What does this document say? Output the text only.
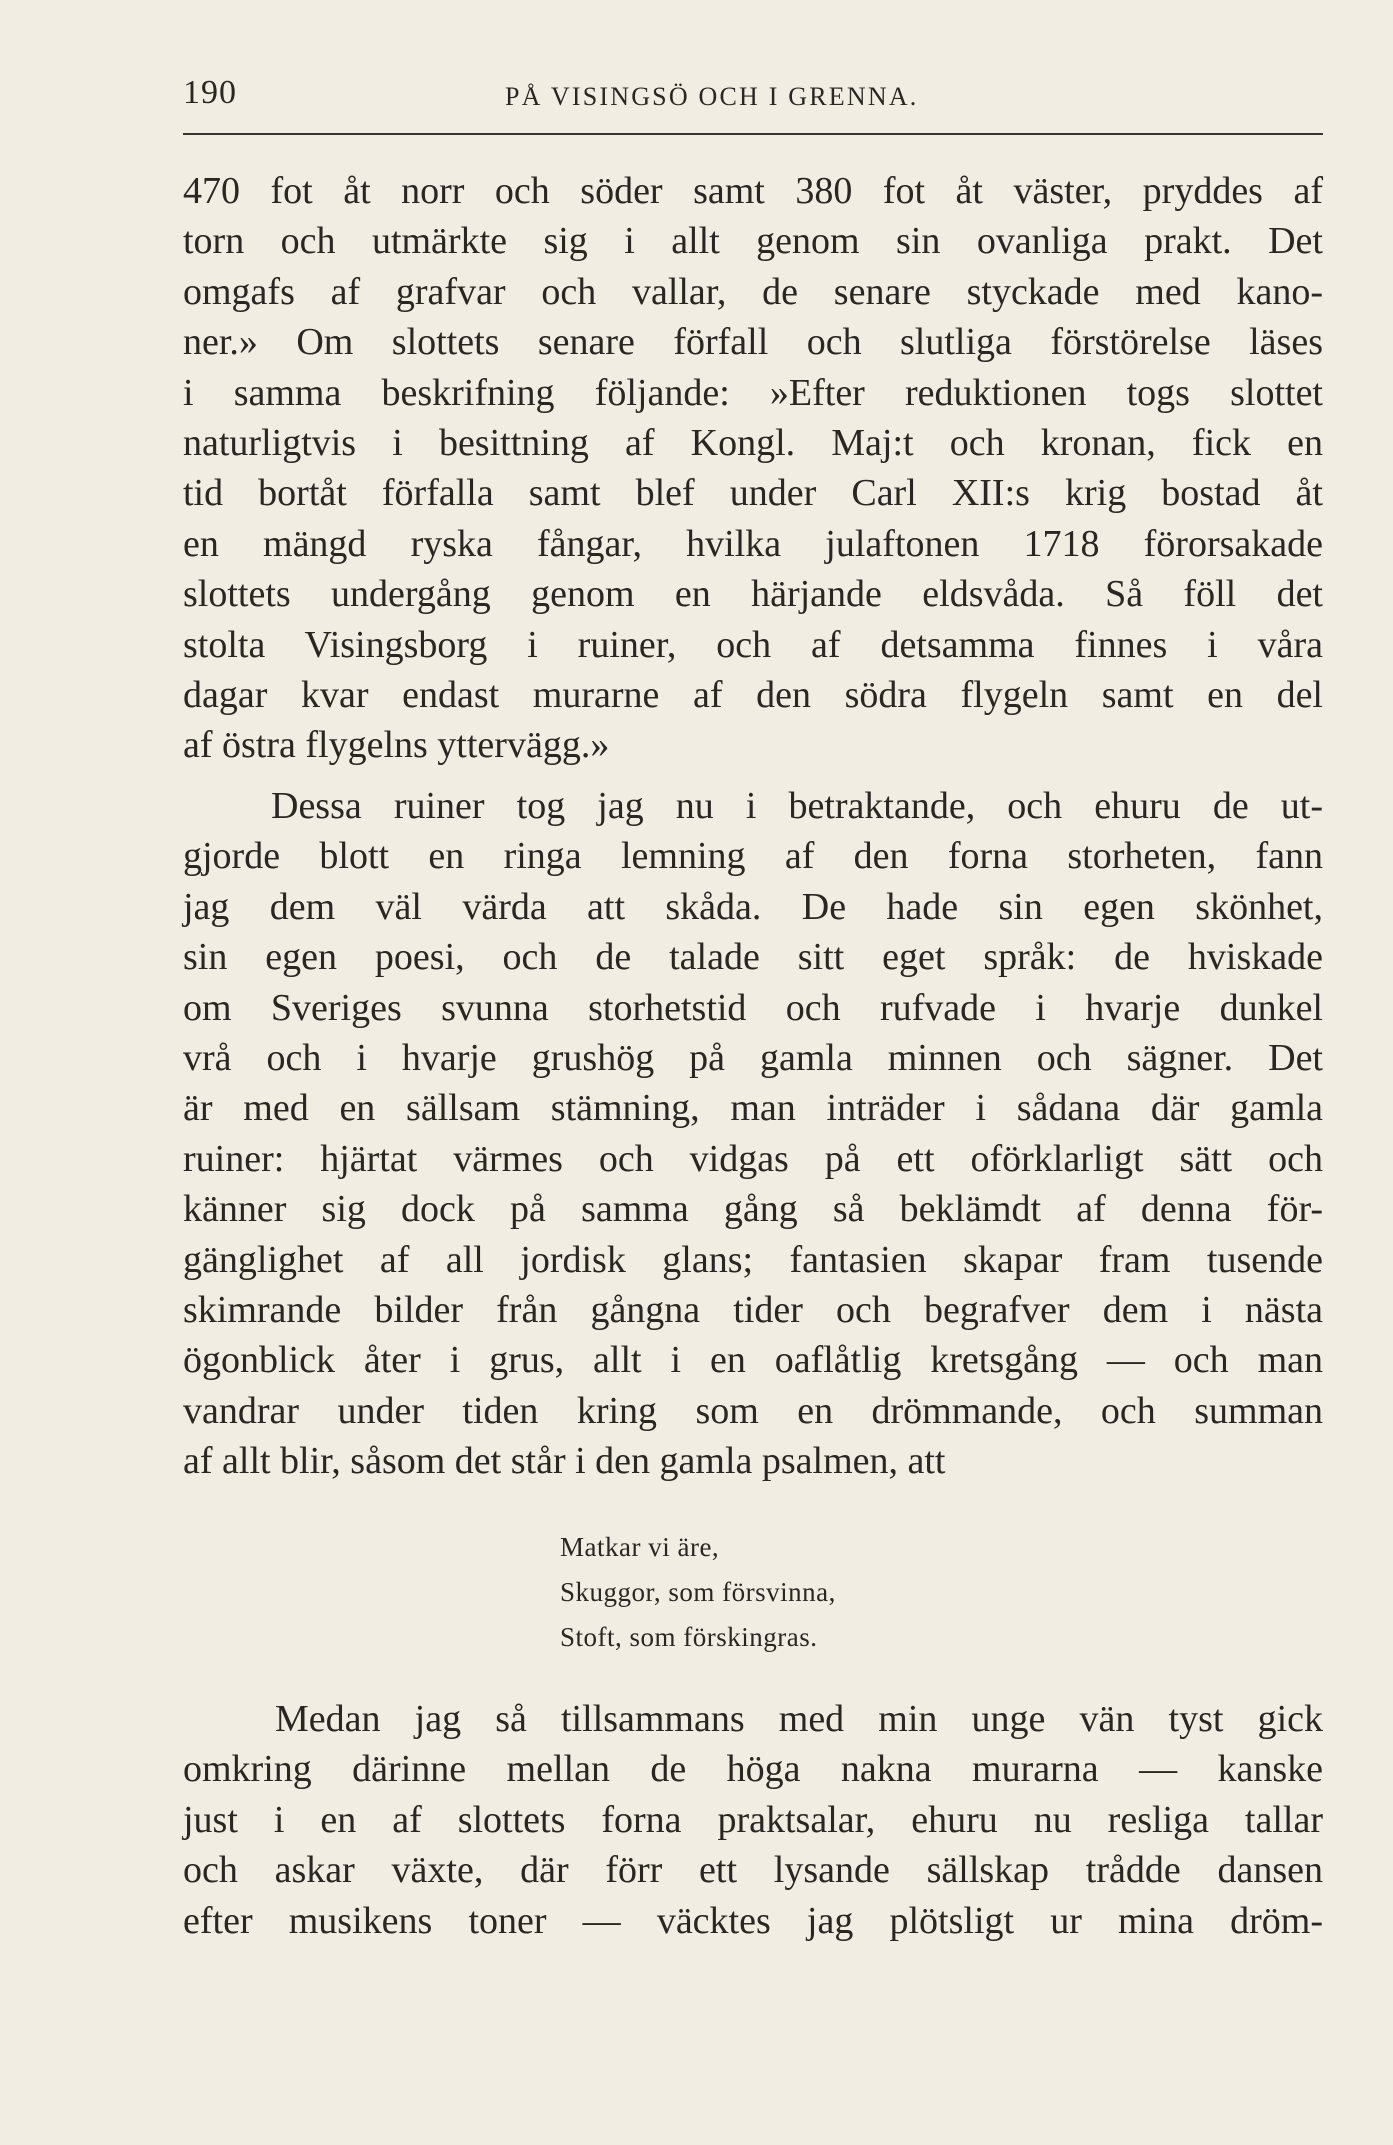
190	PÅ VISINGSÖ OCH I GRENNA.
470 fot åt norr och söder samt 380 fot åt väster, pryddes af
torn och utmärkte sig i allt genom sin ovanliga prakt. Det
omgafs af grafvar och vallar, de senare styckade med kano-
ner.» Om slottets senare förfall och slutliga förstörelse läses
i samma beskrifning följande: »Efter reduktionen togs slottet
naturligtvis i besittning af Kongl. Maj:t och kronan, fick en
tid bortåt förfalla samt blef under Carl XII:s krig bostad åt
en mängd ryska fångar, hvilka julaftonen 1718 förorsakade
slottets undergång genom en härjande eldsvåda. Så föll det
stolta Visingsborg i ruiner, och af detsamma finnes i våra
dagar kvar endast murarne af den södra flygeln samt en del
af östra flygelns yttervägg.»
Dessa ruiner tog jag nu i betraktande, och ehuru de ut-
gjorde blott en ringa lemning af den forna storheten, fann
jag dem väl värda att skåda. De hade sin egen skönhet,
sin egen poesi, och de talade sitt eget språk: de hviskade
om Sveriges svunna storhetstid och rufvade i hvarje dunkel
vrå och i hvarje grushög på gamla minnen och sägner. Det
är med en sällsam stämning, man inträder i sådana där gamla
ruiner: hjärtat värmes och vidgas på ett oförklarligt sätt och
känner sig dock på samma gång så beklämdt af denna för-
gänglighet af all jordisk glans; fantasien skapar fram tusende
skimrande bilder från gångna tider och begrafver dem i nästa
ögonblick åter i grus, allt i en oaflåtlig kretsgång — och man
vandrar under tiden kring som en drömmande, och summan
af allt blir, såsom det står i den gamla psalmen, att
Matkar vi äre,
Skuggor, som försvinna,
Stoft, som förskingras.
Medan jag så tillsammans med min unge vän tyst gick
omkring därinne mellan de höga nakna murarna — kanske
just i en af slottets forna praktsalar, ehuru nu resliga tallar
och askar växte, där förr ett lysande sällskap trådde dansen
efter musikens toner — väcktes jag plötsligt ur mina dröm-
